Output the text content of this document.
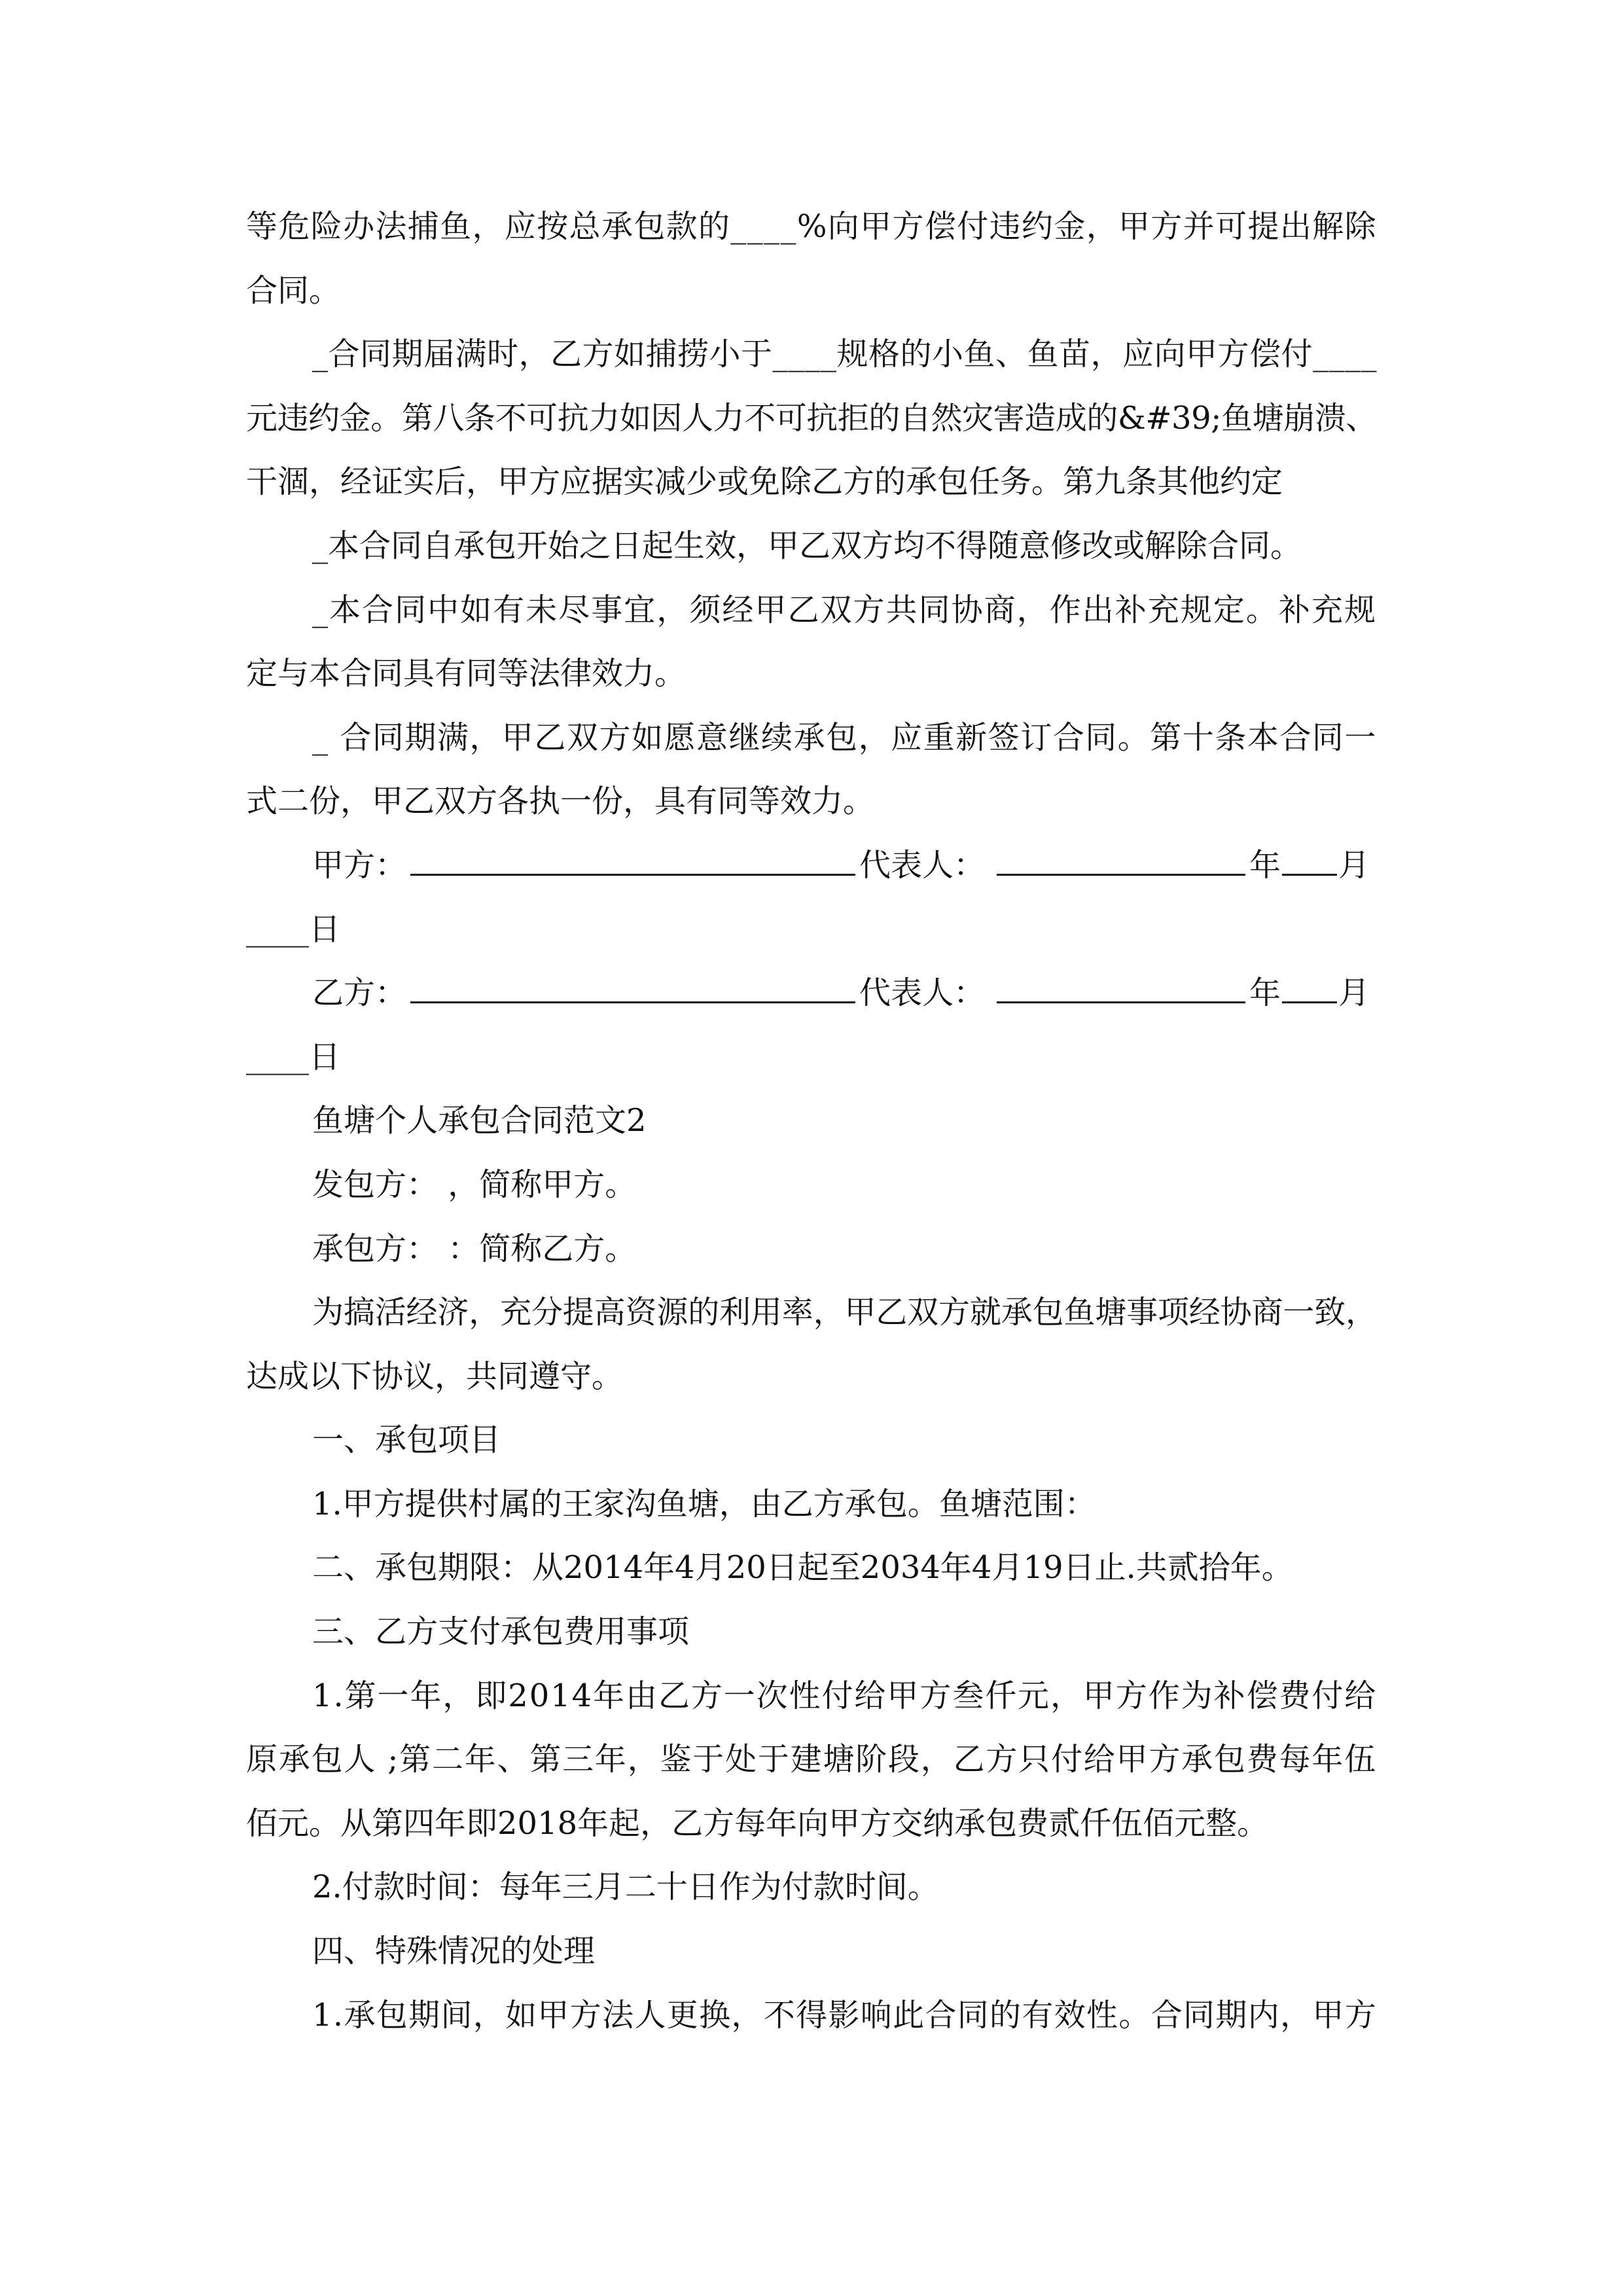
等危险办法捕鱼，应按总承包款的____%向甲方偿付违约金，甲方并可提出解除
合同。
_合同期届满时，乙方如捕捞小于____规格的小鱼、鱼苗，应向甲方偿付____
元违约金。第八条不可抗力如因人力不可抗拒的自然灾害造成的&#39;鱼塘崩溃、
干涸，经证实后，甲方应据实减少或免除乙方的承包任务。第九条其他约定
_本合同自承包开始之日起生效，甲乙双方均不得随意修改或解除合同。
_本合同中如有未尽事宜，须经甲乙双方共同协商，作出补充规定。补充规
定与本合同具有同等法律效力。
_ 合同期满，甲乙双方如愿意继续承包，应重新签订合同。第十条本合同一
式二份，甲乙双方各执一份，具有同等效力。
甲方：	代表人：	年 月
____日
乙方：	代表人：	年 月
____日
鱼塘个人承包合同范文2
发包方： ，简称甲方。
承包方： ：简称乙方。
为搞活经济，充分提高资源的利用率，甲乙双方就承包鱼塘事项经协商一致，
达成以下协议，共同遵守。
一、承包项目
1.甲方提供村属的王家沟鱼塘，由乙方承包。鱼塘范围：
二、承包期限：从2014年4月20日起至2034年4月19日止.共贰拾年。
三、乙方支付承包费用事项
1.第一年，即2014年由乙方一次性付给甲方叁仟元，甲方作为补偿费付给
原承包人 ;第二年、第三年，鉴于处于建塘阶段，乙方只付给甲方承包费每年伍
佰元。从第四年即2018年起，乙方每年向甲方交纳承包费贰仟伍佰元整。
2.付款时间：每年三月二十日作为付款时间。
四、特殊情况的处理
1.承包期间，如甲方法人更换，不得影响此合同的有效性。合同期内，甲方
